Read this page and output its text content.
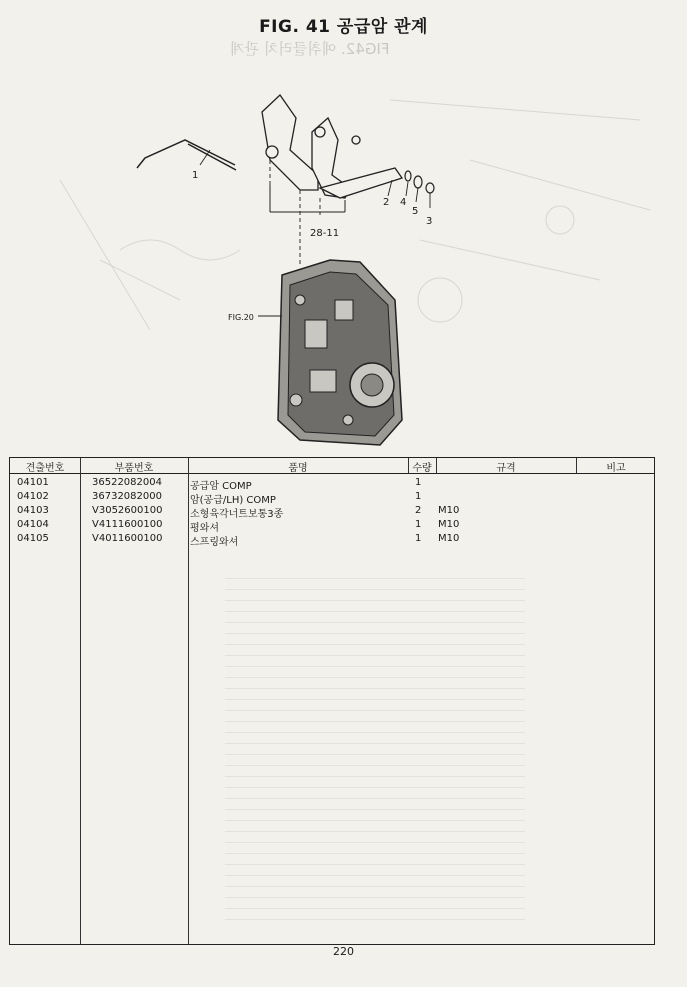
FIG. 41 공급암 관계
FIG42. 예취클러치 관계
1
2 4
5
3
28-11
FIG.20
견출번호	부품번호	품명	수량	규격	비고
04101	36522082004	공급암 COMP	1
04102	36732082000	암(공급/LH) COMP	1
04103	V3052600100	소형육각너트보통3종	2 M10
04104	V4111600100	평와셔	1 M10
04105	V4011600100	스프링와셔	1 M10
220
